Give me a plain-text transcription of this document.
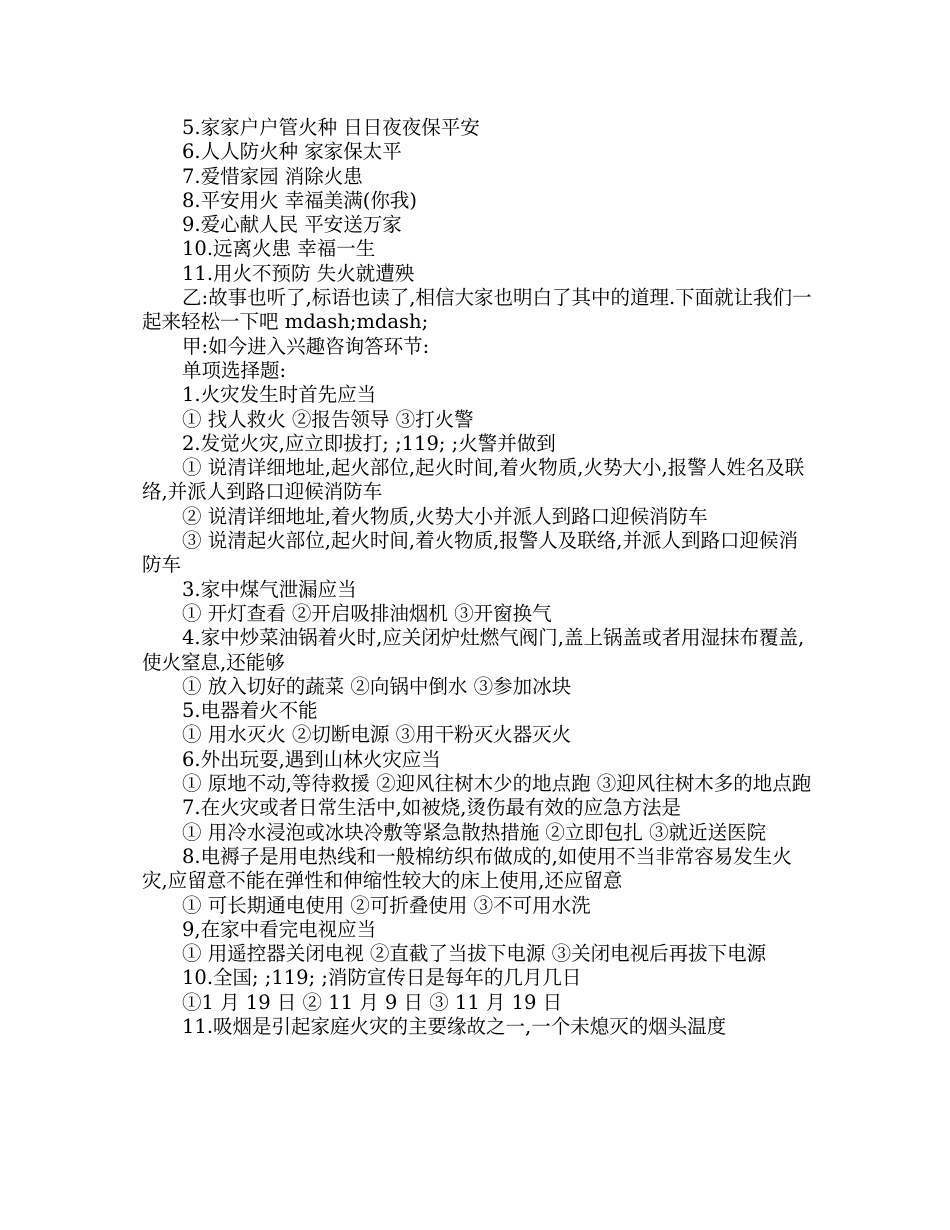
5.家家户户管火种 日日夜夜保平安

6.人人防火种 家家保太平

7.爱惜家园 消除火患

8.平安用火 幸福美满(你我)

9.爱心献人民 平安送万家

10.远离火患 幸福一生

11.用火不预防 失火就遭殃

乙:故事也听了,标语也读了,相信大家也明白了其中的道理.下面就让我们一起来轻松一下吧 mdash;mdash;

甲:如今进入兴趣咨询答环节:

单项选择题:

1.火灾发生时首先应当

① 找人救火 ②报告领导 ③打火警

2.发觉火灾,应立即拔打; ;119; ;火警并做到

① 说清详细地址,起火部位,起火时间,着火物质,火势大小,报警人姓名及联络,并派人到路口迎候消防车

② 说清详细地址,着火物质,火势大小并派人到路口迎候消防车

③ 说清起火部位,起火时间,着火物质,报警人及联络,并派人到路口迎候消防车

3.家中煤气泄漏应当

① 开灯查看 ②开启吸排油烟机 ③开窗换气

4.家中炒菜油锅着火时,应关闭炉灶燃气阀门,盖上锅盖或者用湿抹布覆盖,使火窒息,还能够

① 放入切好的蔬菜 ②向锅中倒水 ③参加冰块

5.电器着火不能

① 用水灭火 ②切断电源 ③用干粉灭火器灭火

6.外出玩耍,遇到山林火灾应当

① 原地不动,等待救援 ②迎风往树木少的地点跑 ③迎风往树木多的地点跑

7.在火灾或者日常生活中,如被烧,烫伤最有效的应急方法是

① 用冷水浸泡或冰块冷敷等紧急散热措施 ②立即包扎 ③就近送医院

8.电褥子是用电热线和一般棉纺织布做成的,如使用不当非常容易发生火灾,应留意不能在弹性和伸缩性较大的床上使用,还应留意

① 可长期通电使用 ②可折叠使用 ③不可用水洗

9,在家中看完电视应当

① 用遥控器关闭电视 ②直截了当拔下电源 ③关闭电视后再拔下电源

10.全国; ;119; ;消防宣传日是每年的几月几日

①1 月 19 日 ② 11 月 9 日 ③ 11 月 19 日

11.吸烟是引起家庭火灾的主要缘故之一,一个未熄灭的烟头温度
